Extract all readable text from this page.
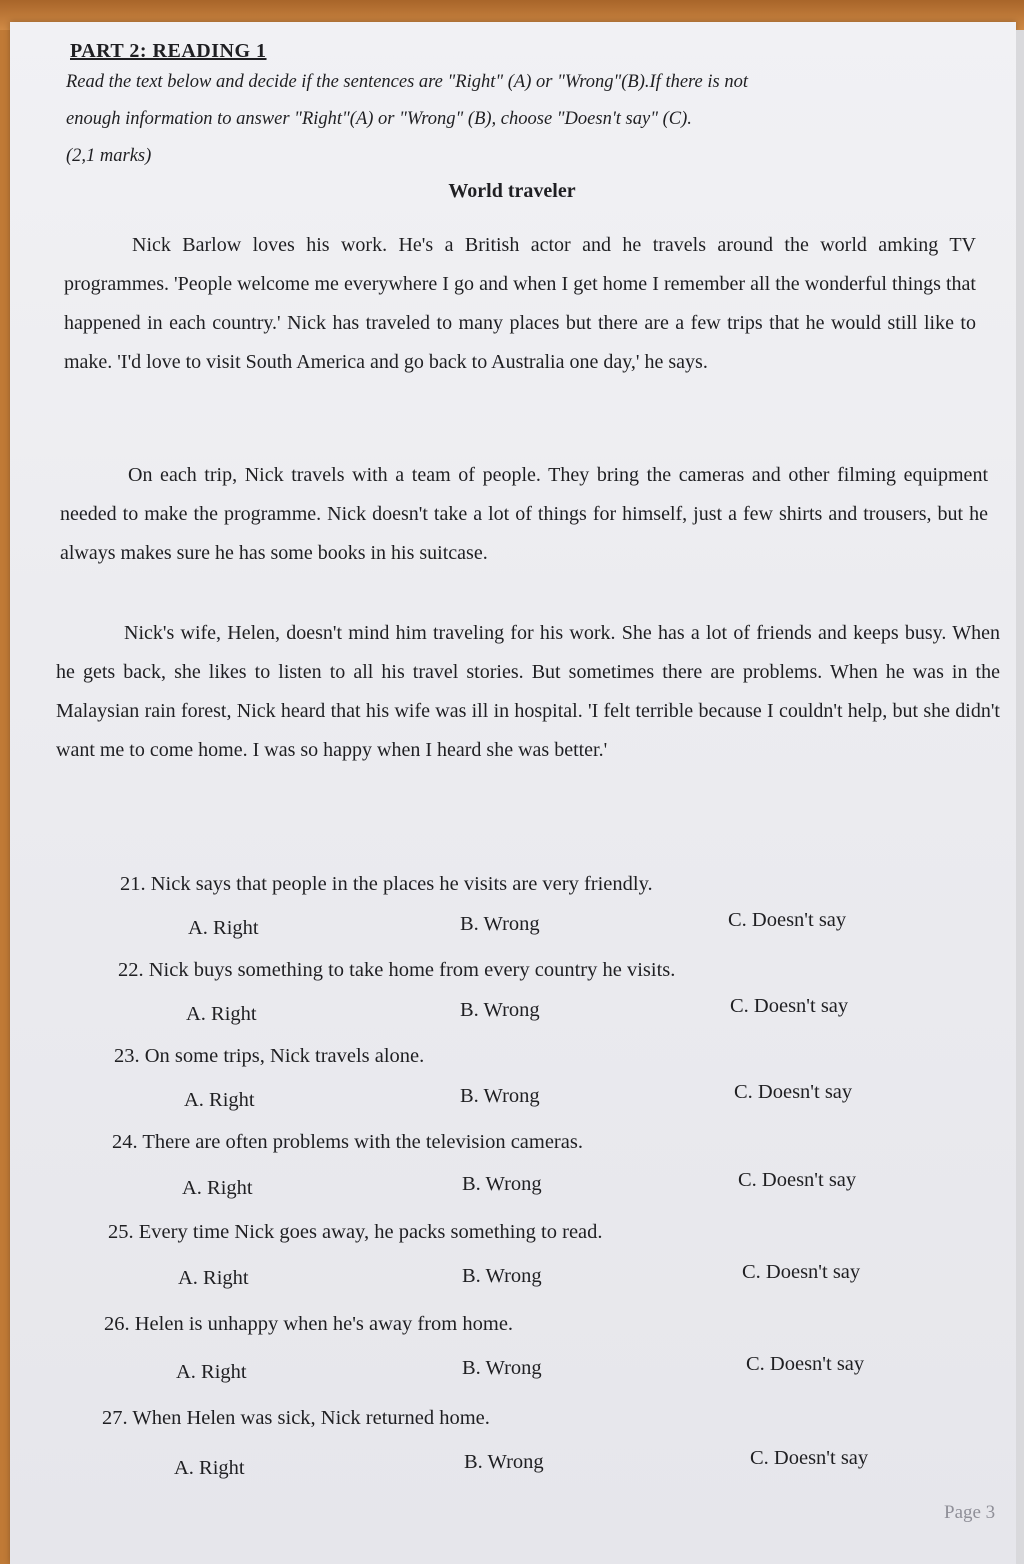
PART 2: READING 1
Read the text below and decide if the sentences are "Right" (A) or "Wrong"(B).If there is not
enough information to answer "Right"(A) or "Wrong" (B), choose "Doesn't say" (C).
(2,1 marks)
World traveler
Nick Barlow loves his work. He's a British actor and he travels around the world amking TV programmes. 'People welcome me everywhere I go and when I get home I remember all the wonderful things that happened in each country.' Nick has traveled to many places but there are a few trips that he would still like to make. 'I'd love to visit South America and go back to Australia one day,' he says.
On each trip, Nick travels with a team of people. They bring the cameras and other filming equipment needed to make the programme. Nick doesn't take a lot of things for himself, just a few shirts and trousers, but he always makes sure he has some books in his suitcase.
Nick's wife, Helen, doesn't mind him traveling for his work. She has a lot of friends and keeps busy. When he gets back, she likes to listen to all his travel stories. But sometimes there are problems. When he was in the Malaysian rain forest, Nick heard that his wife was ill in hospital. 'I felt terrible because I couldn't help, but she didn't want me to come home. I was so happy when I heard she was better.'
21. Nick says that people in the places he visits are very friendly.
A. Right	B. Wrong	C. Doesn't say
22. Nick buys something to take home from every country he visits.
A. Right	B. Wrong	C. Doesn't say
23. On some trips, Nick travels alone.
A. Right	B. Wrong	C. Doesn't say
24. There are often problems with the television cameras.
A. Right	B. Wrong	C. Doesn't say
25. Every time Nick goes away, he packs something to read.
A. Right	B. Wrong	C. Doesn't say
26. Helen is unhappy when he's away from home.
A. Right	B. Wrong	C. Doesn't say
27. When Helen was sick, Nick returned home.
A. Right	B. Wrong	C. Doesn't say
Page 3
